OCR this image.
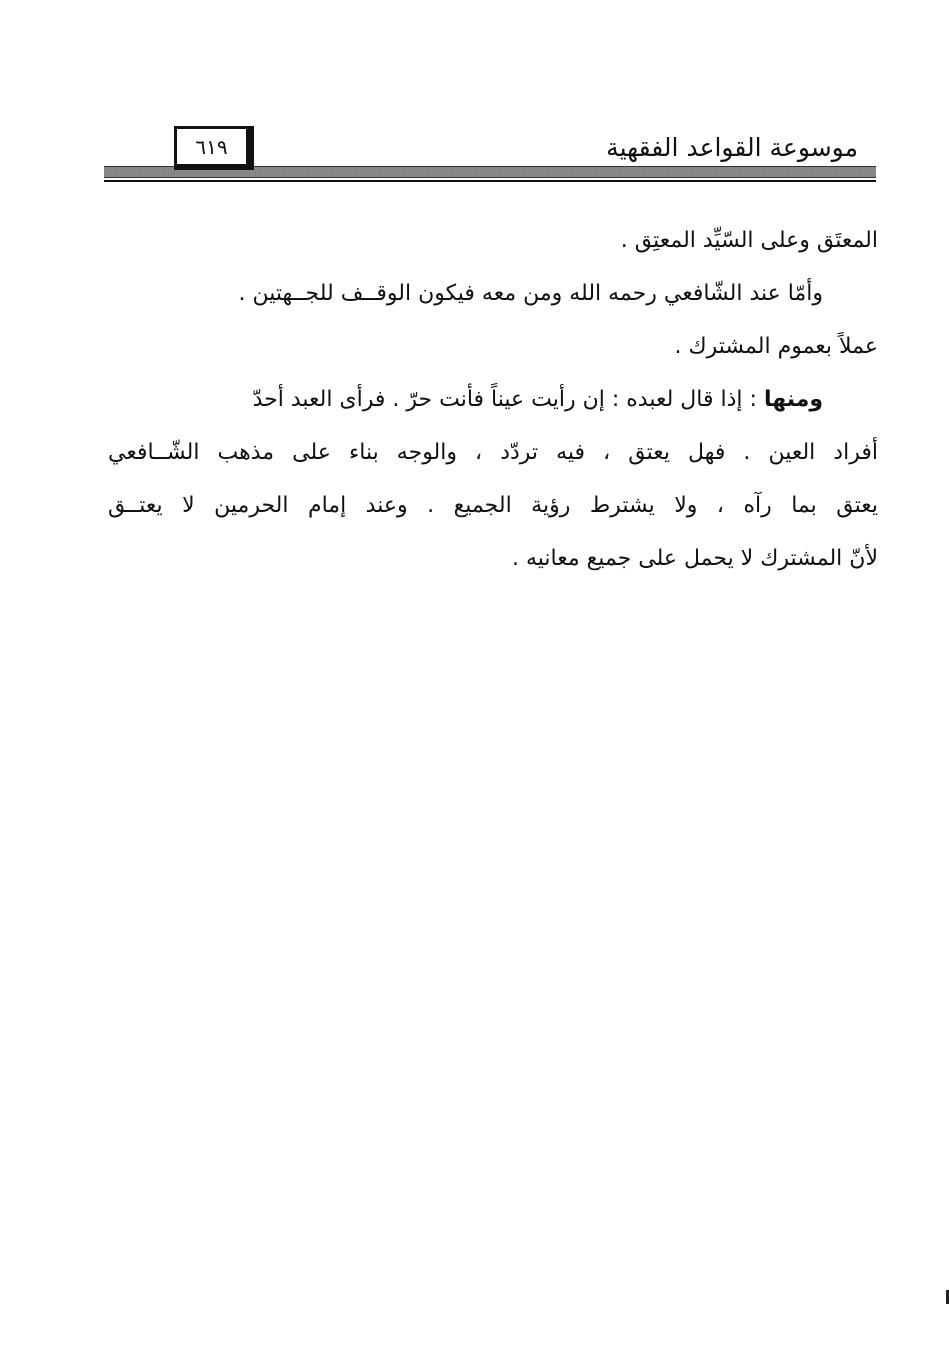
موسوعة القواعد الفقهية
٦١٩
المعتَق وعلى السّيِّد المعتِق .
وأمّا عند الشّافعي رحمه الله ومن معه فيكون الوقــف للجــهتين .
عملاً بعموم المشترك .
ومنها : إذا قال لعبده : إن رأيت عيناً فأنت حرّ . فرأى العبد أحدّ
أفراد العين . فهل يعتق ، فيه تردّد ، والوجه بناء على مذهب الشّــافعي
يعتق بما رآه ، ولا يشترط رؤية الجميع . وعند إمام الحرمين لا يعتــق
لأنّ المشترك لا يحمل على جميع معانيه .
